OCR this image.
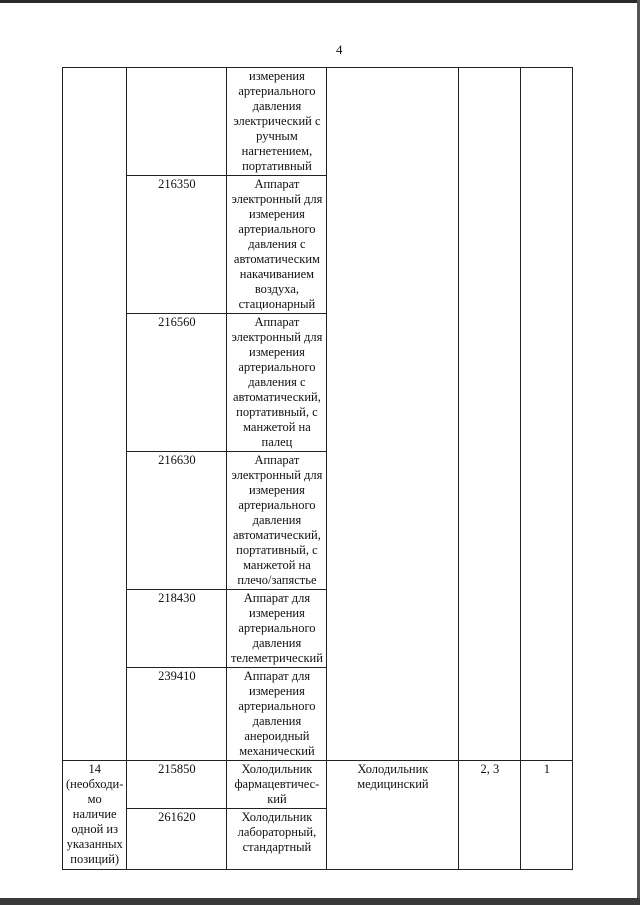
4
		измерения артериального давления электрический с ручным нагнетением, портативный			
	216350	Аппарат электронный для измерения артериального давления с автоматическим накачиванием воздуха, стационарный			
	216560	Аппарат электронный для измерения артериального давления с автоматический, портативный, с манжетой на палец			
	216630	Аппарат электронный для измерения артериального давления автоматический, портативный, с манжетой на плечо/запястье			
	218430	Аппарат для измерения артериального давления телеметрический			
	239410	Аппарат для измерения артериального давления анероидный механический			
14 (необходи-мо наличие одной из указанных позиций)	215850	Холодильник фармацевтичес-кий	Холодильник медицинский	2, 3	1
	261620	Холодильник лабораторный, стандартный			
